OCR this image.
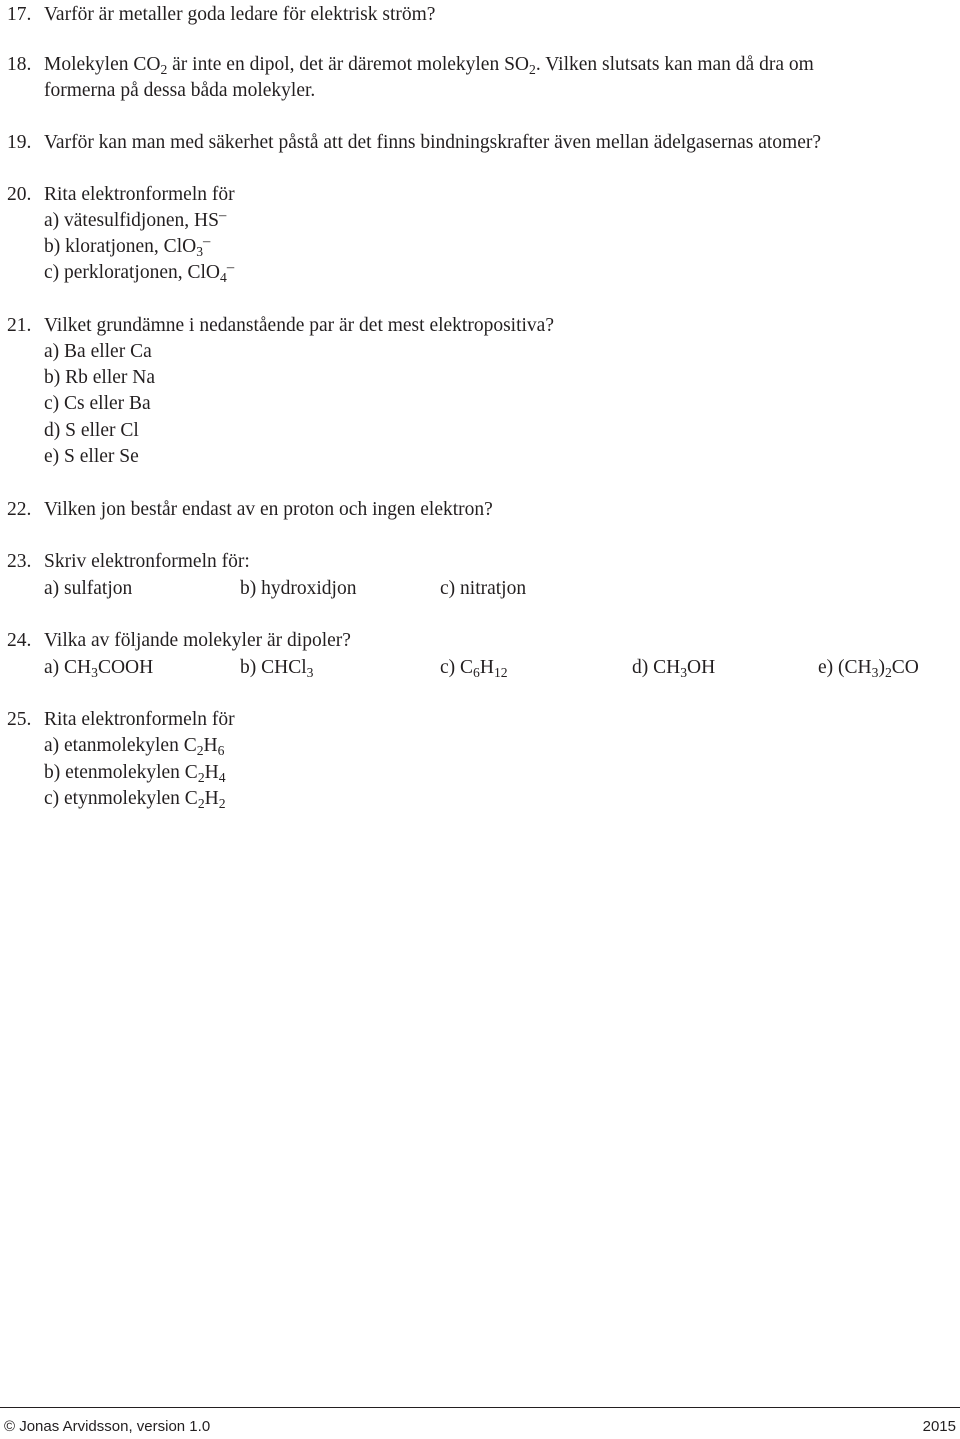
17. Varför är metaller goda ledare för elektrisk ström?
18. Molekylen $CO_2$ är inte en dipol, det är däremot molekylen $SO_2$. Vilken slutsats kan man då dra om
formerna på dessa båda molekyler.
19. Varför kan man med säkerhet påstå att det finns bindningskrafter även mellan ädelgasernas atomer?
20. Rita elektronformeln för
a) vätesulfidjonen, HS–
b) kloratjonen, ClO$_3$–
c) perkloratjonen, ClO$_4$–
21. Vilket grundämne i nedanstående par är det mest elektropositiva?
a) Ba eller Ca
b) Rb eller Na
c) Cs eller Ba
d) S eller Cl
e) S eller Se
22. Vilken jon består endast av en proton och ingen elektron?
23. Skriv elektronformeln för:
a) sulfatjon	b) hydroxidjon	c) nitratjon
24. Vilka av följande molekyler är dipoler?
a) $CH_3COOH$	b) CHCl$_3$	c) $C_6H_{12}$	d) $CH_3OH$	e) $(CH_3)_2CO$
25. Rita elektronformeln för
a) etanmolekylen $C_2H_6$
b) etenmolekylen $C_2H_4$
c) etynmolekylen $C_2H_2$
© Jonas Arvidsson, version 1.0	2015
